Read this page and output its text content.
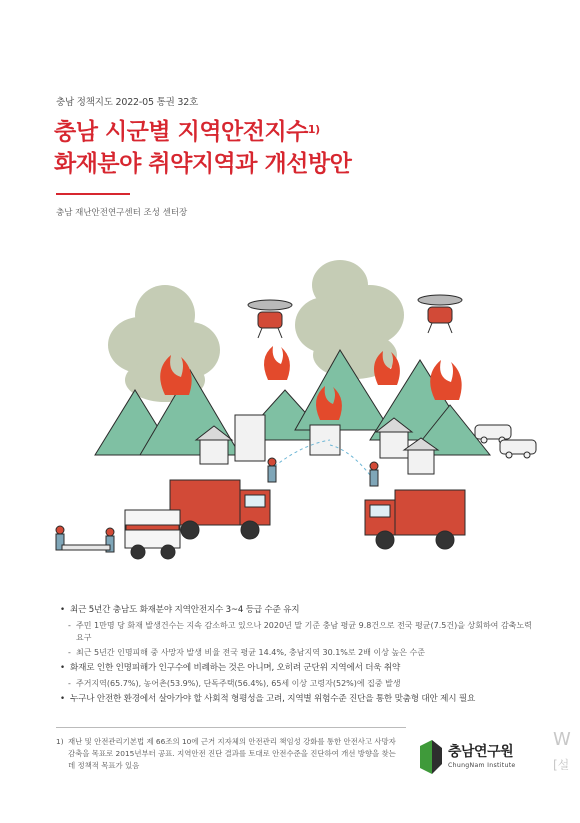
충남 정책지도 2022-05 통권 32호
충남 시군별 지역안전지수$^{1)}$
화재분야 취약지역과 개선방안
충남 재난안전연구센터 조성 센터장
• 최근 5년간 충남도 화재분야 지역안전지수 3~4 등급 수준 유지
- 주민 1만명 당 화재 발생건수는 지속 감소하고 있으나 2020년 말 기준 충남 평균 9.8건으로 전국 평균(7.5건)을 상회하여 감축노력 요구
- 최근 5년간 인명피해 중 사망자 발생 비율 전국 평균 14.4%, 충남지역 30.1%로 2배 이상 높은 수준
• 화재로 인한 인명피해가 인구수에 비례하는 것은 아니며, 오히려 군단위 지역에서 더욱 취약
- 주거지역(65.7%), 농어촌(53.9%), 단독주택(56.4%), 65세 이상 고령자(52%)에 집중 발생
• 누구나 안전한 환경에서 살아가야 할 사회적 형평성을 고려, 지역별 위험수준 진단을 통한 맞춤형 대안 제시 필요
1) 재난 및 안전관리기본법 제 66조의 10에 근거 지자체의 안전관리 책임성 강화를 통한 안전사고 사망자 감축을 목표로 2015년부터 공표. 지역안전 진단 결과를 토대로 안전수준을 진단하여 개선 방향을 찾는데 정책적 목표가 있음
충남연구원
ChungNam Institute
W
[설
